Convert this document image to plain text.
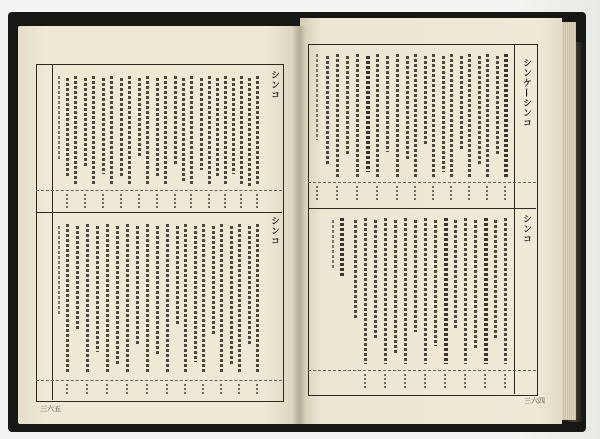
シンコ
シンコ
三六五
シンケ—シンコ
シンコ
三六四
